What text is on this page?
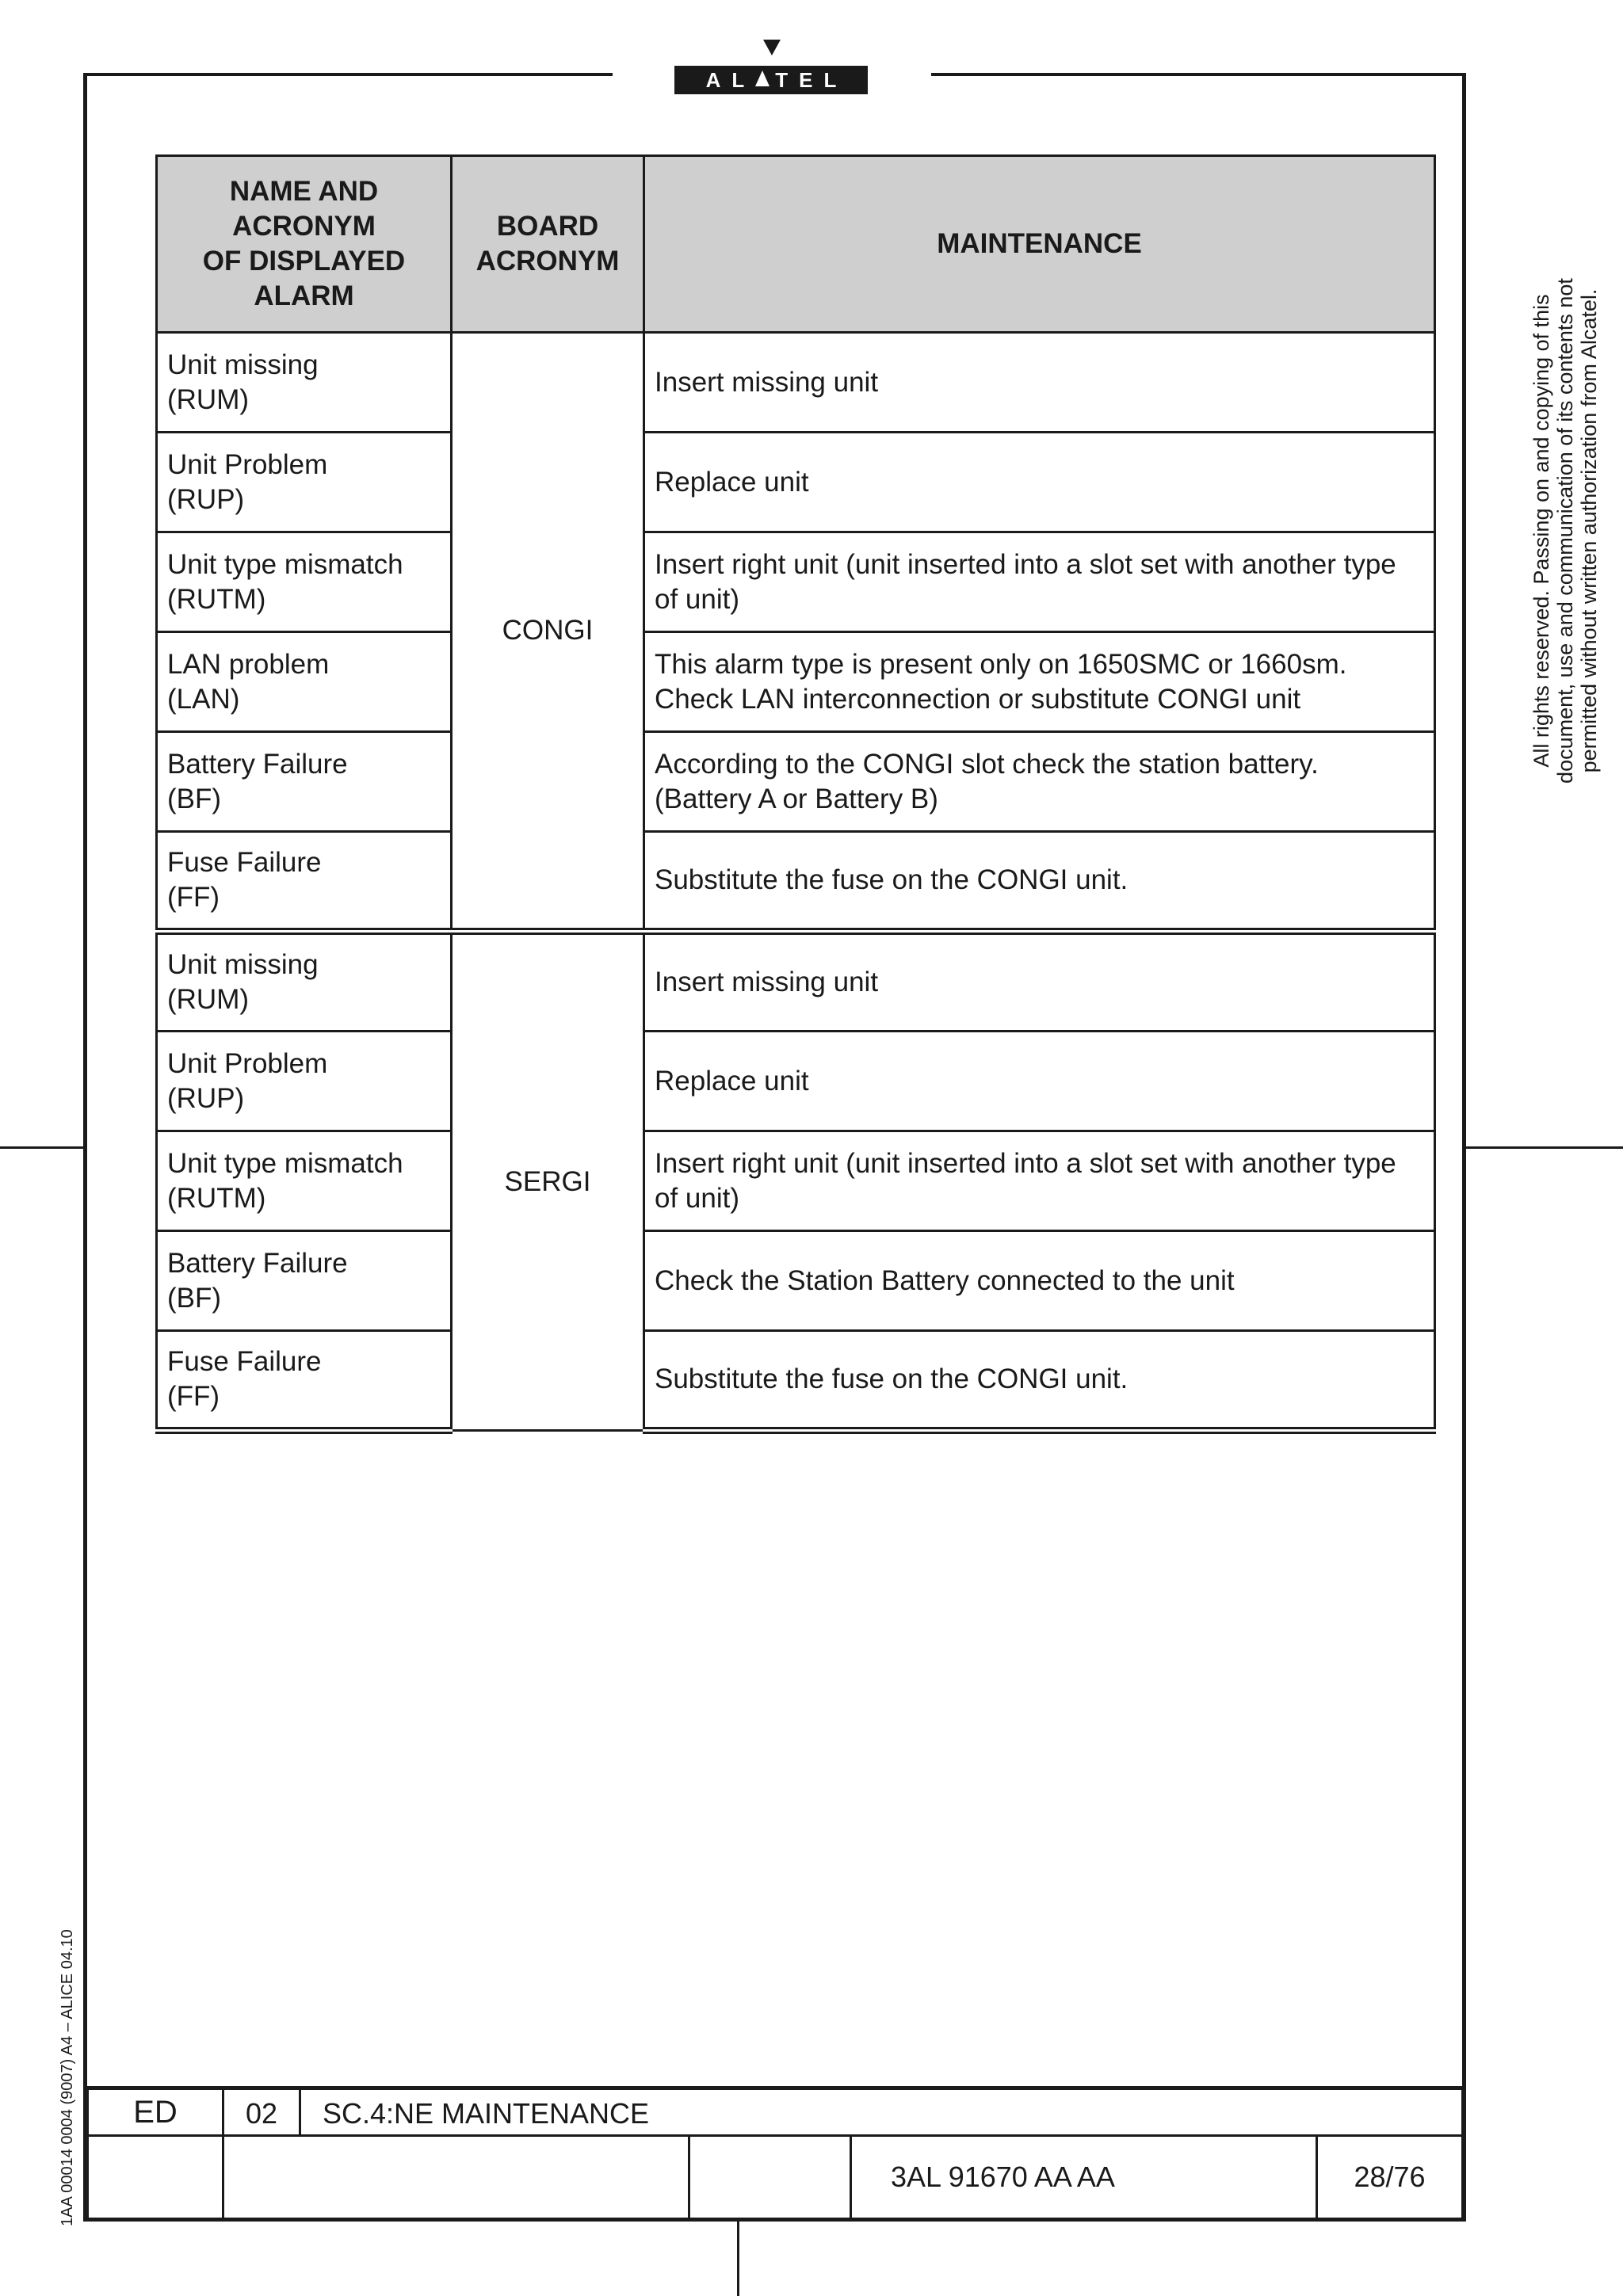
AL TEL
NAME AND
ACRONYM
OF DISPLAYED
ALARM	BOARD
ACRONYM	MAINTENANCE
Unit missing
(RUM)	CONGI	Insert missing unit
Unit Problem
(RUP)		Replace unit
Unit type mismatch
(RUTM)		Insert right unit (unit inserted into a slot set with another type of unit)
LAN problem
(LAN)		This alarm type is present only on 1650SMC or 1660sm.
Check LAN interconnection or substitute CONGI unit
Battery Failure
(BF)		According to the CONGI slot check the station battery.
(Battery A or Battery B)
Fuse Failure
(FF)		Substitute the fuse on the CONGI unit.
Unit missing
(RUM)	SERGI	Insert missing unit
Unit Problem
(RUP)		Replace unit
Unit type mismatch
(RUTM)		Insert right unit (unit inserted into a slot set with another type of unit)
Battery Failure
(BF)		Check the Station Battery connected to the unit
Fuse Failure
(FF)		Substitute the fuse on the CONGI unit.
All rights reserved. Passing on and copying of this document, use and communication of its contents not permitted without written authorization from Alcatel.
1AA 00014 0004 (9007) A4 – ALICE 04.10	ED	02	SC.4:NE MAINTENANCE
3AL 91670 AA AA	28/76
